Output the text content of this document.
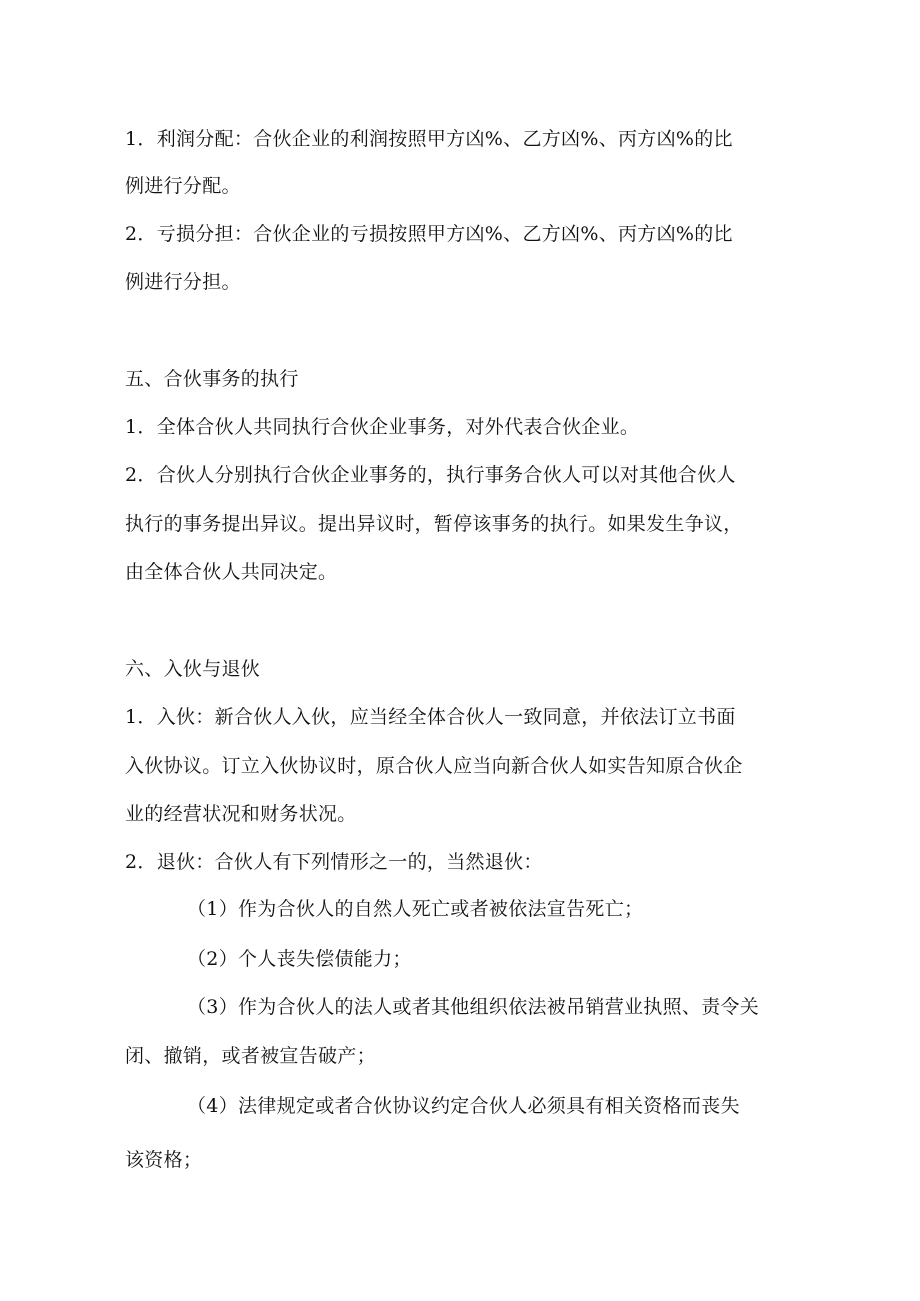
1．利润分配：合伙企业的利润按照甲方凶%、乙方凶%、丙方凶%的比
例进行分配。
2．亏损分担：合伙企业的亏损按照甲方凶%、乙方凶%、丙方凶%的比
例进行分担。
五、合伙事务的执行
1．全体合伙人共同执行合伙企业事务，对外代表合伙企业。
2．合伙人分别执行合伙企业事务的，执行事务合伙人可以对其他合伙人
执行的事务提出异议。提出异议时，暂停该事务的执行。如果发生争议，
由全体合伙人共同决定。
六、入伙与退伙
1．入伙：新合伙人入伙，应当经全体合伙人一致同意，并依法订立书面
入伙协议。订立入伙协议时，原合伙人应当向新合伙人如实告知原合伙企
业的经营状况和财务状况。
2．退伙：合伙人有下列情形之一的，当然退伙：
（1）作为合伙人的自然人死亡或者被依法宣告死亡；
（2）个人丧失偿债能力；
（3）作为合伙人的法人或者其他组织依法被吊销营业执照、责令关
闭、撤销，或者被宣告破产；
（4）法律规定或者合伙协议约定合伙人必须具有相关资格而丧失
该资格；
